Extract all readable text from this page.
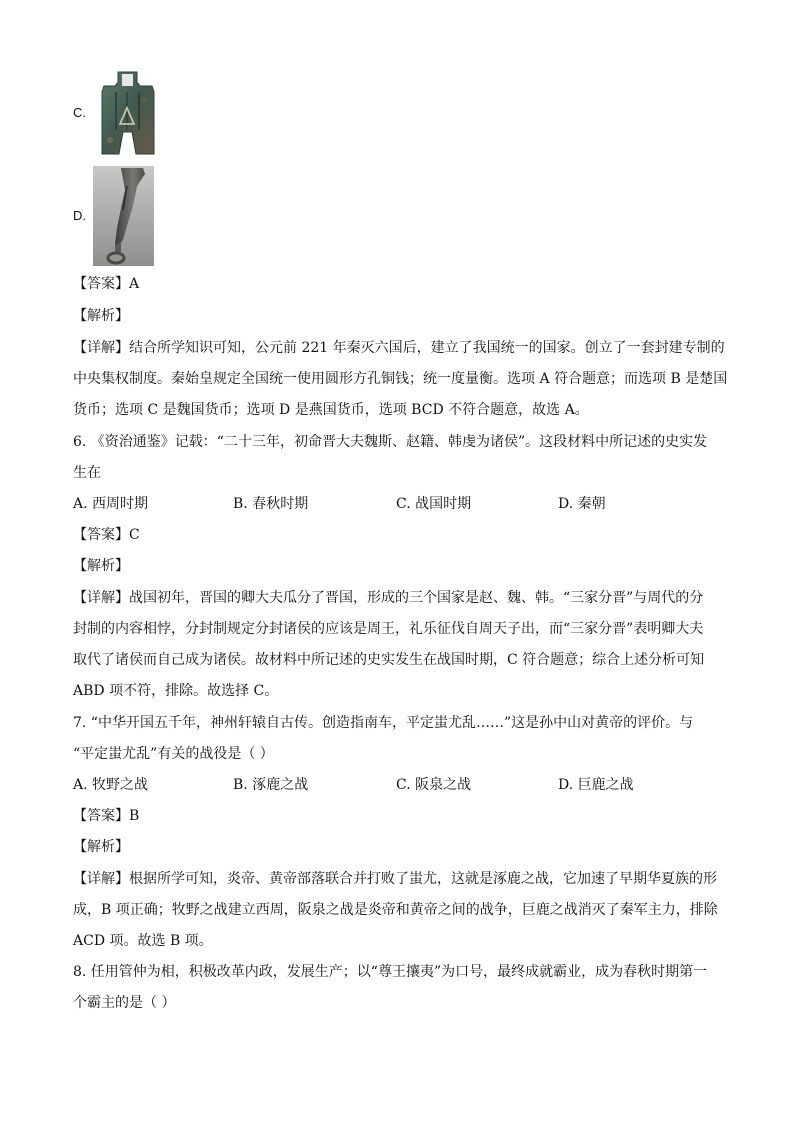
C.
D.
【答案】A
【解析】
【详解】结合所学知识可知，公元前 221 年秦灭六国后，建立了我国统一的国家。创立了一套封建专制的
中央集权制度。秦始皇规定全国统一使用圆形方孔铜钱；统一度量衡。选项 A 符合题意；而选项 B 是楚国
货币；选项 C 是魏国货币；选项 D 是燕国货币，选项 BCD 不符合题意，故选 A。
6. 《资治通鉴》记载：“二十三年，初命晋大夫魏斯、赵籍、韩虔为诸侯”。这段材料中所记述的史实发
生在
A. 西周时期	B. 春秋时期	C. 战国时期	D. 秦朝
【答案】C
【解析】
【详解】战国初年，晋国的卿大夫瓜分了晋国，形成的三个国家是赵、魏、韩。“三家分晋”与周代的分
封制的内容相悖，分封制规定分封诸侯的应该是周王，礼乐征伐自周天子出，而“三家分晋”表明卿大夫
取代了诸侯而自己成为诸侯。故材料中所记述的史实发生在战国时期，C 符合题意；综合上述分析可知
ABD 项不符，排除。故选择 C。
7. “中华开国五千年，神州轩辕自古传。创造指南车，平定蚩尤乱……”这是孙中山对黄帝的评价。与
“平定蚩尤乱”有关的战役是（ ）
A. 牧野之战	B. 涿鹿之战	C. 阪泉之战	D. 巨鹿之战
【答案】B
【解析】
【详解】根据所学可知，炎帝、黄帝部落联合并打败了蚩尤，这就是涿鹿之战，它加速了早期华夏族的形
成，B 项正确；牧野之战建立西周，阪泉之战是炎帝和黄帝之间的战争，巨鹿之战消灭了秦军主力，排除
ACD 项。故选 B 项。
8. 任用管仲为相，积极改革内政，发展生产；以“尊王攘夷”为口号，最终成就霸业，成为春秋时期第一
个霸主的是（ ）
